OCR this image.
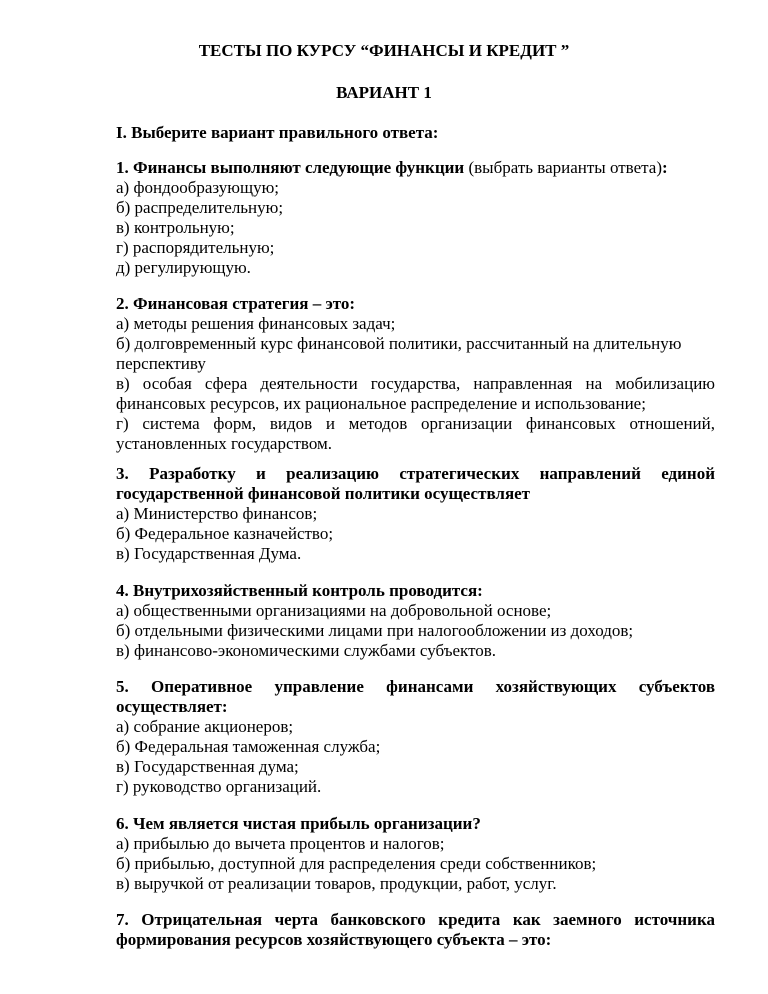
ТЕСТЫ ПО КУРСУ “ФИНАНСЫ И КРЕДИТ ”

ВАРИАНТ 1

I. Выберите вариант правильного ответа:

1. Финансы выполняют следующие функции (выбрать варианты ответа):

а) фондообразующую;
б) распределительную;
в) контрольную;
г) распорядительную;
д) регулирующую.

2. Финансовая стратегия – это:

а) методы решения финансовых задач;

б) долговременный курс финансовой политики, рассчитанный на длительную

перспективу

в) особая сфера деятельности государства, направленная на мобилизацию

финансовых ресурсов, их рациональное распределение и использование;

г) система форм, видов и методов организации финансовых отношений,

установленных государством.

3. Разработку и реализацию стратегических направлений единой

государственной финансовой политики осуществляет

а) Министерство финансов;
б) Федеральное казначейство;
в) Государственная Дума.

4. Внутрихозяйственный контроль проводится:

а) общественными организациями на добровольной основе;
б) отдельными физическими лицами при налогообложении из доходов;
в) финансово-экономическими службами субъектов.

5. Оперативное управление финансами хозяйствующих субъектов

осуществляет:

а) собрание акционеров;
б) Федеральная таможенная служба;
в) Государственная дума;
г) руководство организаций.

6. Чем является чистая прибыль организации?

а) прибылью до вычета процентов и налогов;
б) прибылью, доступной для распределения среди собственников;
в) выручкой от реализации товаров, продукции, работ, услуг.

7. Отрицательная черта банковского кредита как заемного источника

формирования ресурсов хозяйствующего субъекта – это:
